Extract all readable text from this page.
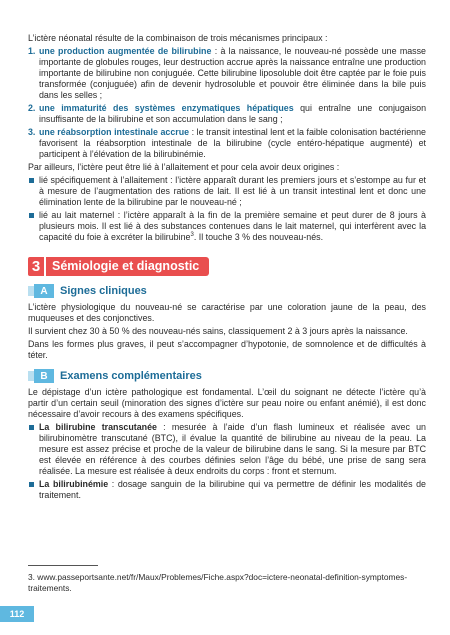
L’ictère néonatal résulte de la combinaison de trois mécanismes principaux :

1. une production augmentée de bilirubine : à la naissance, le nouveau-né possède une masse importante de globules rouges, leur destruction accrue après la naissance entraîne une production importante de bilirubine non conjuguée. Cette bilirubine liposoluble doit être captée par le foie puis transformée (conjuguée) afin de devenir hydrosoluble et pouvoir être éliminée dans la bile puis dans les selles ;
2. une immaturité des systèmes enzymatiques hépatiques qui entraîne une conjugaison insuffisante de la bilirubine et son accumulation dans le sang ;
3. une réabsorption intestinale accrue : le transit intestinal lent et la faible colonisation bactérienne favorisent la réabsorption intestinale de la bilirubine (cycle entéro-hépatique augmenté) et participent à l’élévation de la bilirubinémie.

Par ailleurs, l’ictère peut être lié à l’allaitement et pour cela avoir deux origines :

lié spécifiquement à l’allaitement : l’ictère apparaît durant les premiers jours et s’estompe au fur et à mesure de l’augmentation des rations de lait. Il est lié à un transit intestinal lent et donc une élimination lente de la bilirubine par le nouveau-né ;
lié au lait maternel : l’ictère apparaît à la fin de la première semaine et peut durer de 8 jours à plusieurs mois. Il est lié à des substances contenues dans le lait maternel, qui interfèrent avec la capacité du foie à excréter la bilirubine$^3$. Il touche 3 % des nouveau-nés.
3 Sémiologie et diagnostic
A	Signes cliniques

L’ictère physiologique du nouveau-né se caractérise par une coloration jaune de la peau, des muqueuses et des conjonctives.

Il survient chez 30 à 50 % des nouveau-nés sains, classiquement 2 à 3 jours après la naissance.

Dans les formes plus graves, il peut s’accompagner d’hypotonie, de somnolence et de difficultés à téter.

B	Examens complémentaires

Le dépistage d’un ictère pathologique est fondamental. L’œil du soignant ne détecte l’ictère qu’à partir d’un certain seuil (minoration des signes d’ictère sur peau noire ou enfant anémié), il est donc nécessaire d’avoir recours à des examens spécifiques.

La bilirubine transcutanée : mesurée à l’aide d’un flash lumineux et réalisée avec un bilirubinomètre transcutané (BTC), il évalue la quantité de bilirubine au niveau de la peau. La mesure est assez précise et proche de la valeur de bilirubine dans le sang. Si la mesure par BTC est élevée en référence à des courbes définies selon l’âge du bébé, une prise de sang sera réalisée. La mesure est réalisée à deux endroits du corps : front et sternum.
La bilirubinémie : dosage sanguin de la bilirubine qui va permettre de définir les modalités de traitement.

3. www.passeportsante.net/fr/Maux/Problemes/Fiche.aspx?doc=ictere-neonatal-definition-symptomes-traitements.

112
